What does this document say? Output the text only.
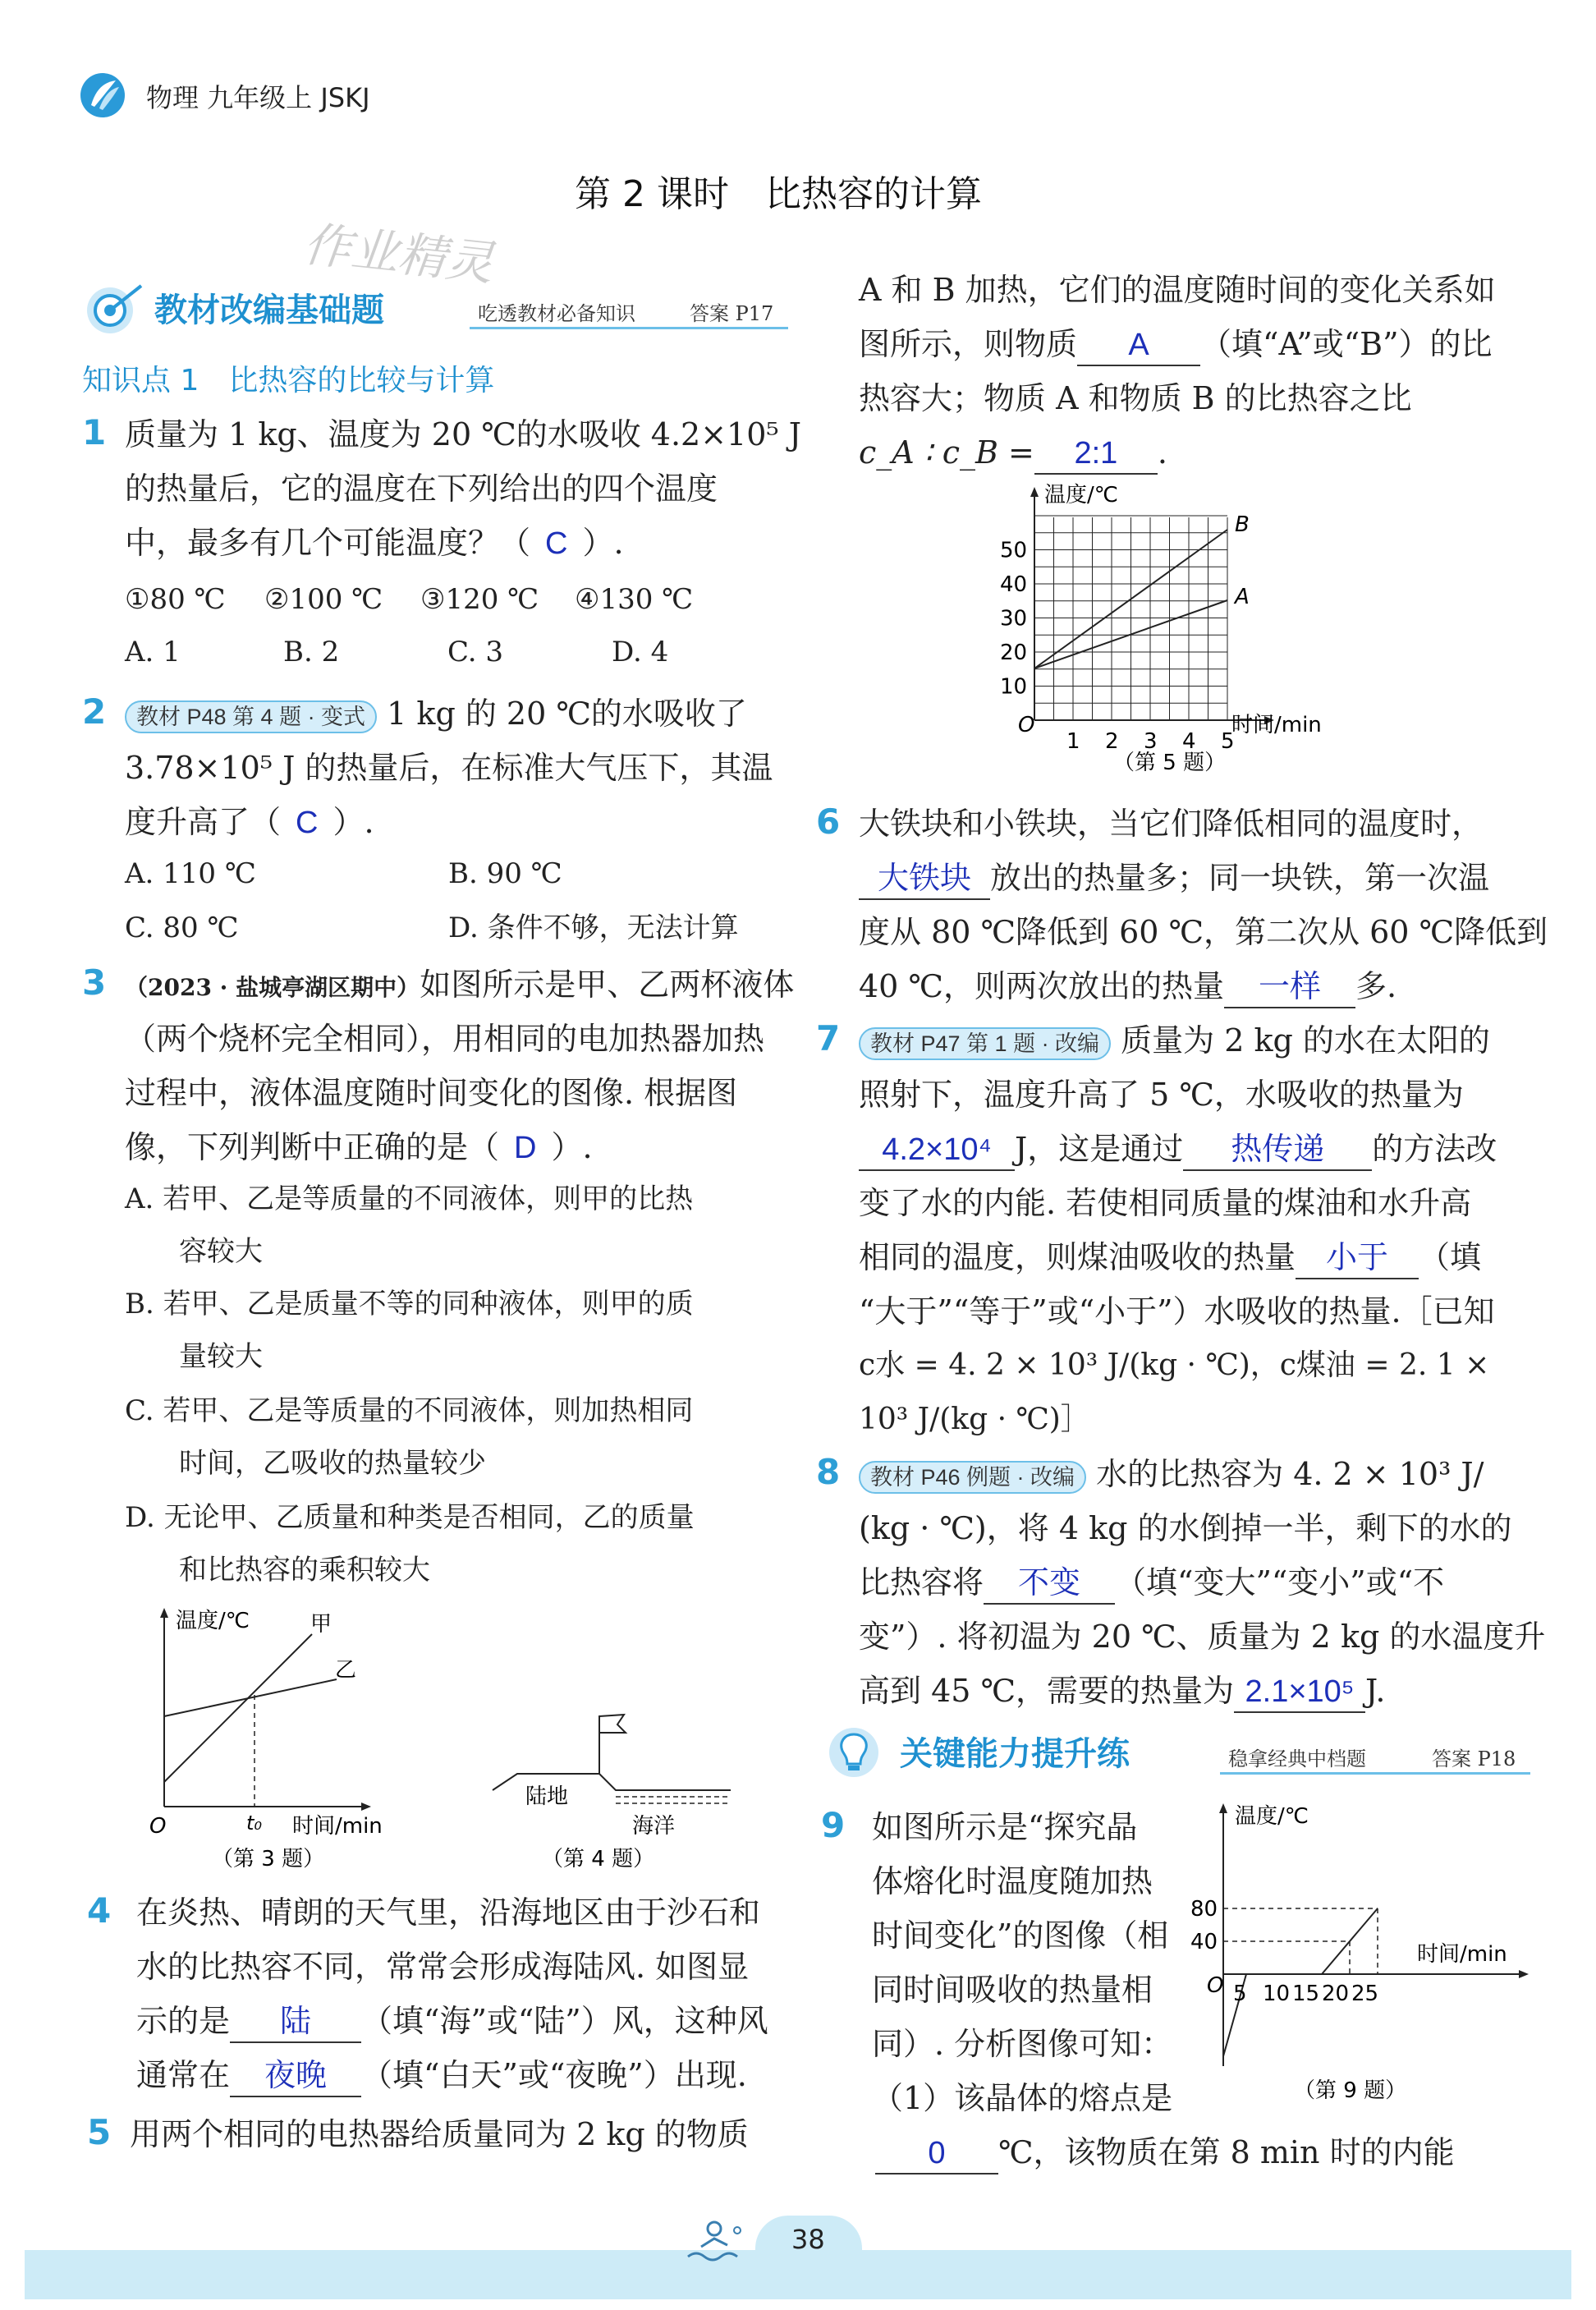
物理 九年级上 JSKJ
第 2 课时　比热容的计算
作业精灵
教材改编基础题	吃透教材必备知识	答案 P17
知识点 1　比热容的比较与计算
1 质量为 1 kg、温度为 20 ℃的水吸收 4.2×10⁵ J
的热量后，它的温度在下列给出的四个温度
中，最多有几个可能温度？（ C ）.
①80 ℃ ②100 ℃ ③120 ℃ ④130 ℃
A. 1	B. 2	C. 3	D. 4
2	教材 P48 第 4 题 · 变式 1 kg 的 20 ℃的水吸收了
3.78×10⁵ J 的热量后，在标准大气压下，其温
度升高了（ C ）.
A. 110 ℃	B. 90 ℃
C. 80 ℃	D. 条件不够，无法计算
3 （2023 · 盐城亭湖区期中）如图所示是甲、乙两杯液体
（两个烧杯完全相同），用相同的电加热器加热
过程中，液体温度随时间变化的图像. 根据图
像，下列判断中正确的是（ D ）.
A. 若甲、乙是等质量的不同液体，则甲的比热
容较大
B. 若甲、乙是质量不等的同种液体，则甲的质
量较大
C. 若甲、乙是等质量的不同液体，则加热相同
时间，乙吸收的热量较少
D. 无论甲、乙质量和种类是否相同，乙的质量
和比热容的乘积较大
温度/℃
时间/min
O	t₀
甲
乙
（第 3 题）
陆地
海洋
（第 4 题）
4 在炎热、晴朗的天气里，沿海地区由于沙石和
水的比热容不同，常常会形成海陆风. 如图显
示的是 陆 （填“海”或“陆”）风，这种风
通常在 夜晚 （填“白天”或“夜晚”）出现.
5 用两个相同的电热器给质量同为 2 kg 的物质
A 和 B 加热，它们的温度随时间的变化关系如
图所示，则物质 A （填“A”或“B”）的比
热容大；物质 A 和物质 B 的比热容之比
c_A ∶ c_B = 2:1 .
温度/℃
时间/min
O
B
A
10
20
30
40
50
1 2 3 4 5
（第 5 题）
6 大铁块和小铁块，当它们降低相同的温度时，
大铁块 放出的热量多；同一块铁，第一次温
度从 80 ℃降低到 60 ℃，第二次从 60 ℃降低到
40 ℃，则两次放出的热量 一样 多.
7	教材 P47 第 1 题 · 改编 质量为 2 kg 的水在太阳的
照射下，温度升高了 5 ℃，水吸收的热量为
4.2×10⁴ J，这是通过 热传递 的方法改
变了水的内能. 若使相同质量的煤油和水升高
相同的温度，则煤油吸收的热量 小于 （填
“大于”“等于”或“小于”）水吸收的热量.［已知
c水 = 4. 2 × 10³ J/(kg · ℃)，c煤油 = 2. 1 ×
10³ J/(kg · ℃)］
8	教材 P46 例题 · 改编 水的比热容为 4. 2 × 10³ J/
(kg · ℃)，将 4 kg 的水倒掉一半，剩下的水的
比热容将 不变 （填“变大”“变小”或“不
变”）. 将初温为 20 ℃、质量为 2 kg 的水温度升
高到 45 ℃，需要的热量为 2.1×10⁵ J.
关键能力提升练	稳拿经典中档题	答案 P18
9 如图所示是“探究晶
体熔化时温度随加热
时间变化”的图像（相
同时间吸收的热量相
同）. 分析图像可知：
（1）该晶体的熔点是
0 ℃，该物质在第 8 min 时的内能
温度/℃
时间/min
O
80
40
5 10 15 20 25
（第 9 题）
38
